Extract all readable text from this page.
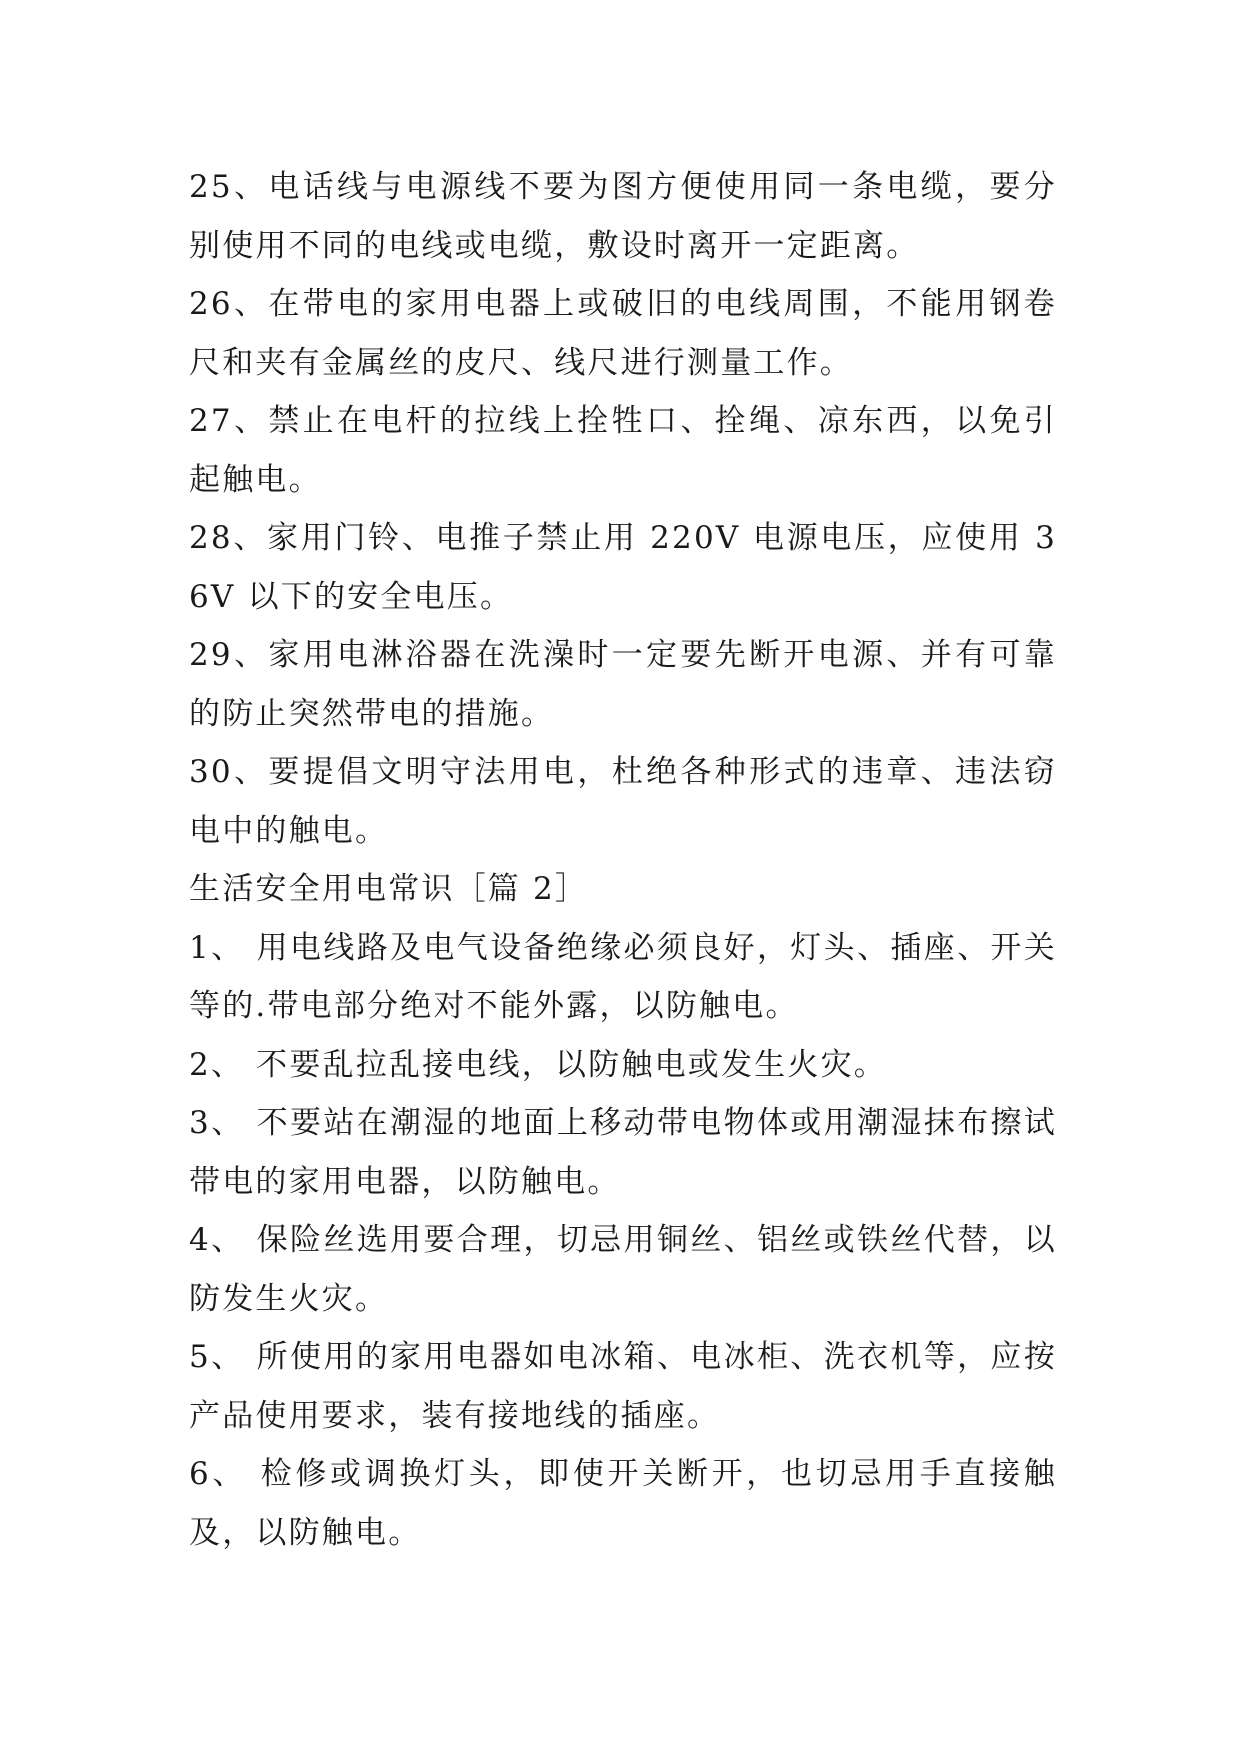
25、电话线与电源线不要为图方便使用同一条电缆，要分别使用不同的电线或电缆，敷设时离开一定距离。

26、在带电的家用电器上或破旧的电线周围，不能用钢卷尺和夹有金属丝的皮尺、线尺进行测量工作。

27、禁止在电杆的拉线上拴牲口、拴绳、凉东西，以免引起触电。

28、家用门铃、电推子禁止用 220V 电源电压，应使用 36V 以下的安全电压。

29、家用电淋浴器在洗澡时一定要先断开电源、并有可靠的防止突然带电的措施。

30、要提倡文明守法用电，杜绝各种形式的违章、违法窃电中的触电。

生活安全用电常识［篇 2］

1、 用电线路及电气设备绝缘必须良好，灯头、插座、开关等的.带电部分绝对不能外露，以防触电。

2、 不要乱拉乱接电线，以防触电或发生火灾。

3、 不要站在潮湿的地面上移动带电物体或用潮湿抹布擦试带电的家用电器，以防触电。

4、 保险丝选用要合理，切忌用铜丝、铝丝或铁丝代替，以防发生火灾。

5、 所使用的家用电器如电冰箱、电冰柜、洗衣机等，应按产品使用要求，装有接地线的插座。

6、 检修或调换灯头，即使开关断开，也切忌用手直接触及，以防触电。
